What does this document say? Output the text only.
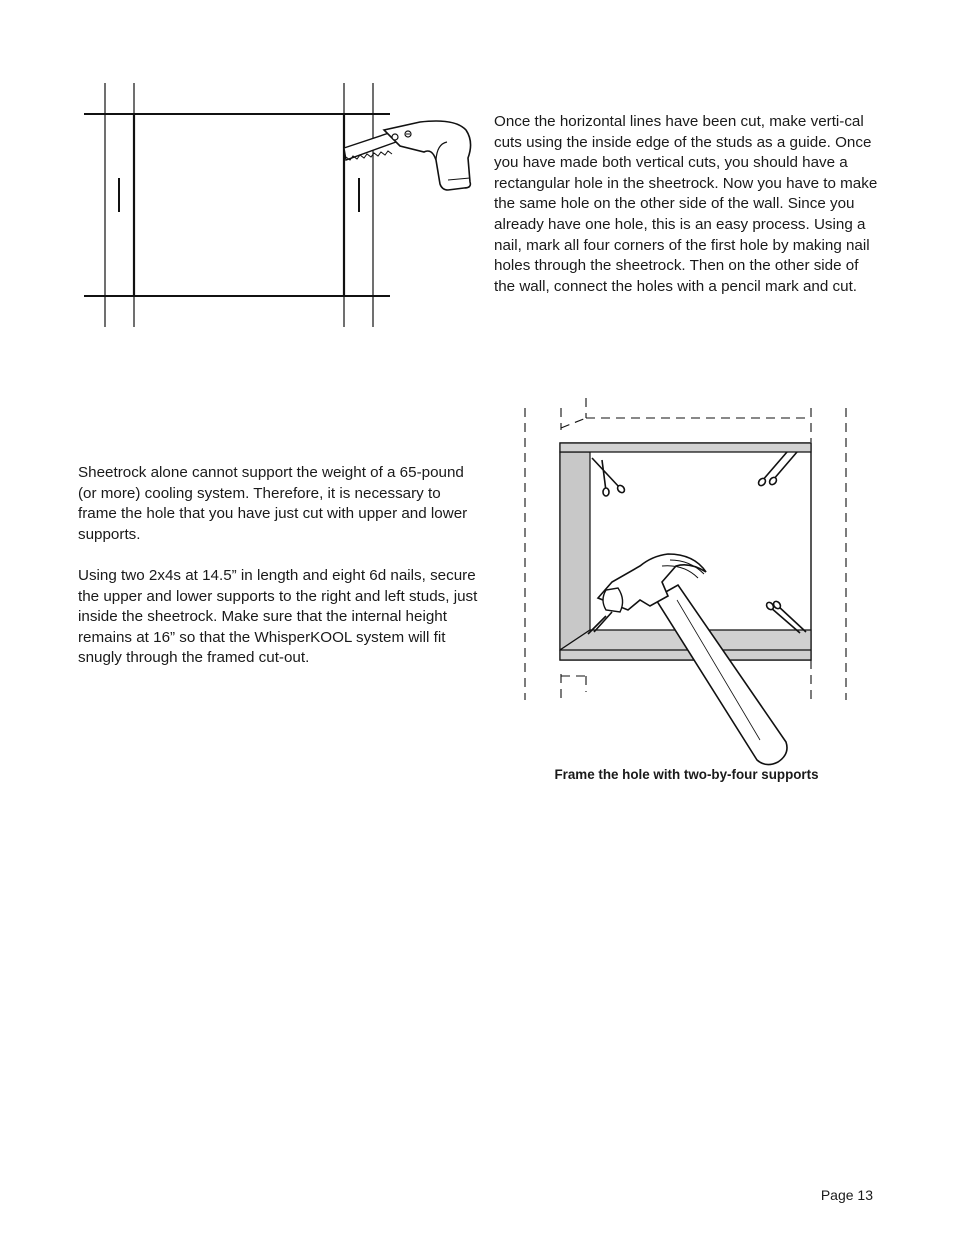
Once the horizontal lines have been cut, make verti-cal cuts using the inside edge of the studs as a guide. Once you have made both vertical cuts, you should have a rectangular hole in the sheetrock. Now you have to make the same hole on the other side of the wall. Since you already have one hole, this is an easy process. Using a nail, mark all four corners of the first hole by making nail holes through the sheetrock. Then on the other side of the wall, connect the holes with a pencil mark and cut.

Sheetrock alone cannot support the weight of a 65-pound (or more) cooling system. Therefore, it is necessary to frame the hole that you have just cut with upper and lower supports.

Using two 2x4s at 14.5” in length and eight 6d nails, secure the upper and lower supports to the right and left studs, just inside the sheetrock. Make sure that the internal height remains at 16” so that the WhisperKOOL system will fit snugly through the framed cut-out.

Frame the hole with two-by-four supports
Page 13
